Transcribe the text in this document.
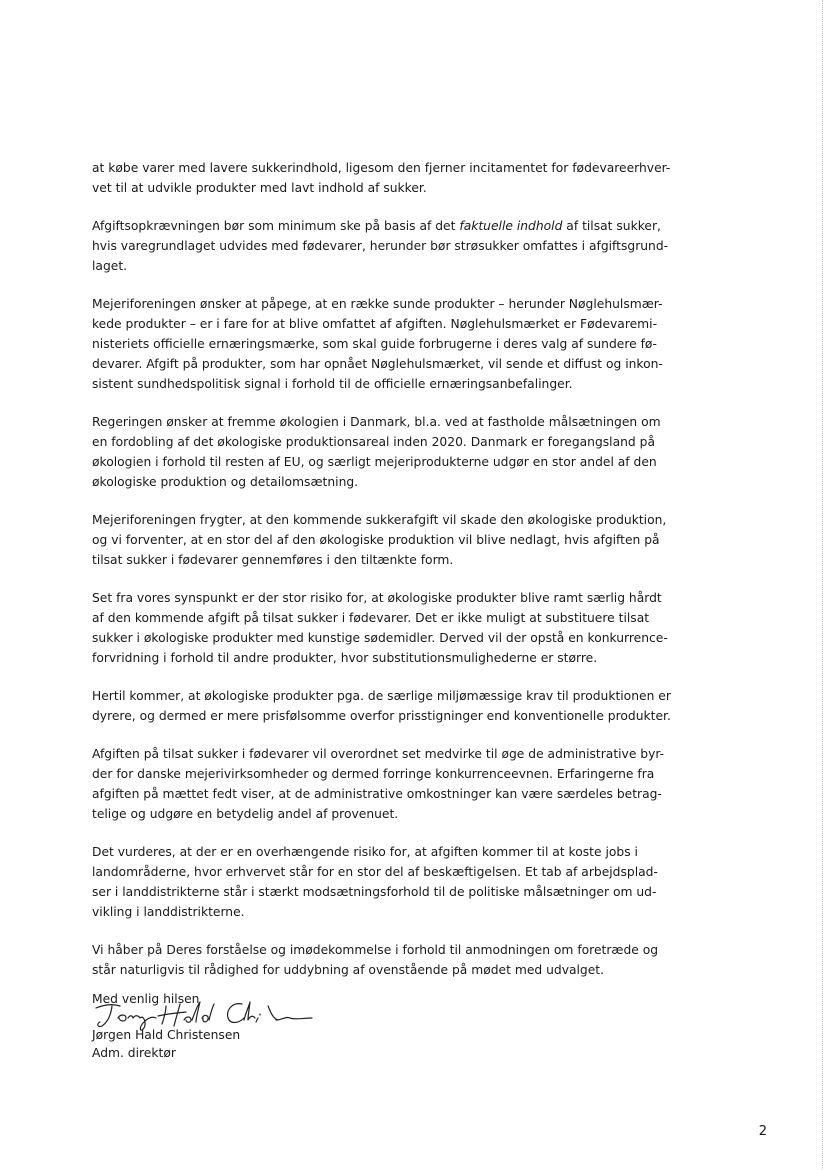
at købe varer med lavere sukkerindhold, ligesom den fjerner incitamentet for fødevareerhver-
vet til at udvikle produkter med lavt indhold af sukker.

Afgiftsopkrævningen bør som minimum ske på basis af det faktuelle indhold af tilsat sukker,
hvis varegrundlaget udvides med fødevarer, herunder bør strøsukker omfattes i afgiftsgrund-
laget.

Mejeriforeningen ønsker at påpege, at en række sunde produkter – herunder Nøglehulsmær-
kede produkter – er i fare for at blive omfattet af afgiften. Nøglehulsmærket er Fødevaremi-
nisteriets officielle ernæringsmærke, som skal guide forbrugerne i deres valg af sundere fø-
devarer. Afgift på produkter, som har opnået Nøglehulsmærket, vil sende et diffust og inkon-
sistent sundhedspolitisk signal i forhold til de officielle ernæringsanbefalinger.

Regeringen ønsker at fremme økologien i Danmark, bl.a. ved at fastholde målsætningen om
en fordobling af det økologiske produktionsareal inden 2020. Danmark er foregangsland på
økologien i forhold til resten af EU, og særligt mejeriprodukterne udgør en stor andel af den
økologiske produktion og detailomsætning.

Mejeriforeningen frygter, at den kommende sukkerafgift vil skade den økologiske produktion,
og vi forventer, at en stor del af den økologiske produktion vil blive nedlagt, hvis afgiften på
tilsat sukker i fødevarer gennemføres i den tiltænkte form.

Set fra vores synspunkt er der stor risiko for, at økologiske produkter blive ramt særlig hårdt
af den kommende afgift på tilsat sukker i fødevarer. Det er ikke muligt at substituere tilsat
sukker i økologiske produkter med kunstige sødemidler. Derved vil der opstå en konkurrence-
forvridning i forhold til andre produkter, hvor substitutionsmulighederne er større.

Hertil kommer, at økologiske produkter pga. de særlige miljømæssige krav til produktionen er
dyrere, og dermed er mere prisfølsomme overfor prisstigninger end konventionelle produkter.

Afgiften på tilsat sukker i fødevarer vil overordnet set medvirke til øge de administrative byr-
der for danske mejerivirksomheder og dermed forringe konkurrenceevnen. Erfaringerne fra
afgiften på mættet fedt viser, at de administrative omkostninger kan være særdeles betrag-
telige og udgøre en betydelig andel af provenuet.

Det vurderes, at der er en overhængende risiko for, at afgiften kommer til at koste jobs i
landområderne, hvor erhvervet står for en stor del af beskæftigelsen. Et tab af arbejdsplad-
ser i landdistrikterne står i stærkt modsætningsforhold til de politiske målsætninger om ud-
vikling i landdistrikterne.

Vi håber på Deres forståelse og imødekommelse i forhold til anmodningen om foretræde og
står naturligvis til rådighed for uddybning af ovenstående på mødet med udvalget.

Med venlig hilsen
Jørgen Hald Christensen
Adm. direktør
2
